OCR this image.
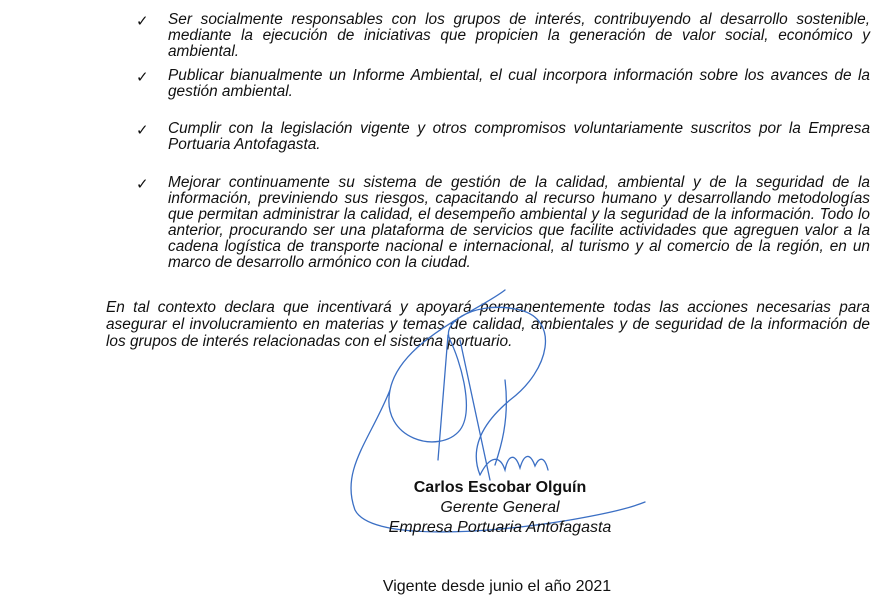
✓ Ser socialmente responsables con los grupos de interés, contribuyendo al desarrollo sostenible, mediante la ejecución de iniciativas que propicien la generación de valor social, económico y ambiental.

✓ Publicar bianualmente un Informe Ambiental, el cual incorpora información sobre los avances de la gestión ambiental.

✓ Cumplir con la legislación vigente y otros compromisos voluntariamente suscritos por la Empresa Portuaria Antofagasta.

✓ Mejorar continuamente su sistema de gestión de la calidad, ambiental y de la seguridad de la información, previniendo sus riesgos, capacitando al recurso humano y desarrollando metodologías que permitan administrar la calidad, el desempeño ambiental y la seguridad de la información. Todo lo anterior, procurando ser una plataforma de servicios que facilite actividades que agreguen valor a la cadena logística de transporte nacional e internacional, al turismo y al comercio de la región, en un marco de desarrollo armónico con la ciudad.

En tal contexto declara que incentivará y apoyará permanentemente todas las acciones necesarias para asegurar el involucramiento en materias y temas de calidad, ambientales y de seguridad de la información de los grupos de interés relacionadas con el sistema portuario.

Carlos Escobar Olguín
Gerente General
Empresa Portuaria Antofagasta
Vigente desde junio el año 2021
